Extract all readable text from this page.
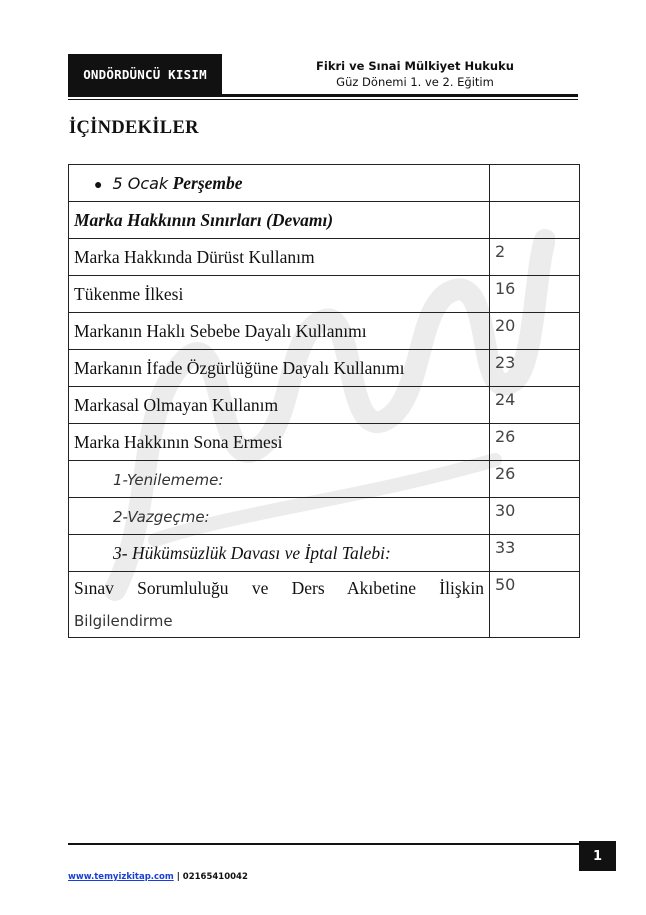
ONDÖRDÜNCÜ KISIM
Fikri ve Sınai Mülkiyet Hukuku
Güz Dönemi 1. ve 2. Eğitim
İÇİNDEKİLER
● 5 Ocak Perşembe	
Marka Hakkının Sınırları (Devamı)	
Marka Hakkında Dürüst Kullanım	2
Tükenme İlkesi	16
Markanın Haklı Sebebe Dayalı Kullanımı	20
Markanın İfade Özgürlüğüne Dayalı Kullanımı	23
Markasal Olmayan Kullanım	24
Marka Hakkının Sona Ermesi	26
1-Yenilememe:	26
2-Vazgeçme:	30
3- Hükümsüzlük Davası ve İptal Talebi:	33

Sınav Sorumluluğu ve Ders Akıbetine İlişkin
Bilgilendirme	50
1
www.temyizkitap.com | 02165410042
